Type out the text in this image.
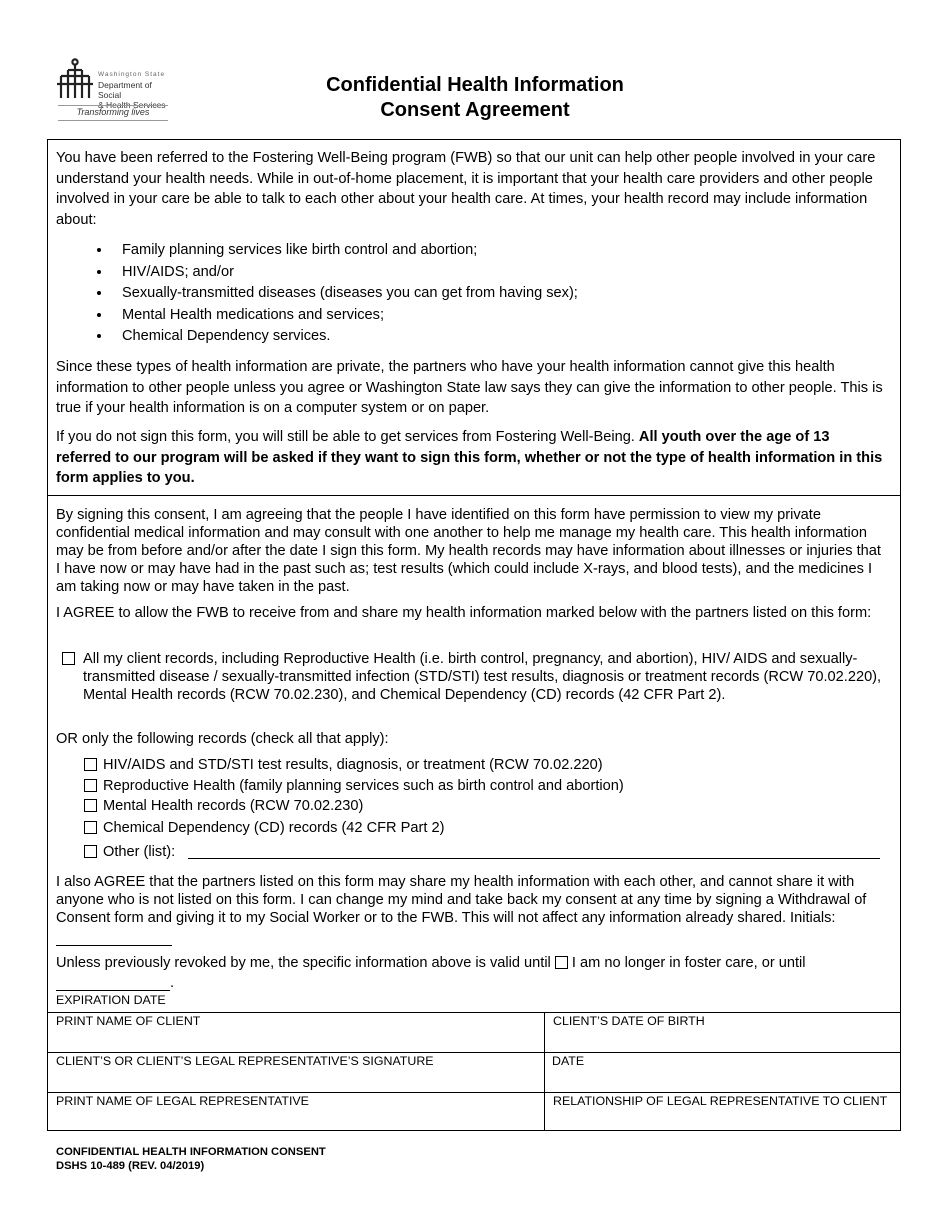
Washington State
Department of Social
& Health Services
Transforming lives
Confidential Health Information
Consent Agreement
You have been referred to the Fostering Well-Being program (FWB) so that our unit can help other people involved in your care understand your health needs. While in out-of-home placement, it is important that your health care providers and other people involved in your care be able to talk to each other about your health care. At times, your health record may include information about:
• Family planning services like birth control and abortion;
• HIV/AIDS; and/or
• Sexually-transmitted diseases (diseases you can get from having sex);
• Mental Health medications and services;
• Chemical Dependency services.
Since these types of health information are private, the partners who have your health information cannot give this health information to other people unless you agree or Washington State law says they can give the information to other people. This is true if your health information is on a computer system or on paper.
If you do not sign this form, you will still be able to get services from Fostering Well-Being. All youth over the age of 13 referred to our program will be asked if they want to sign this form, whether or not the type of health information in this form applies to you.
By signing this consent, I am agreeing that the people I have identified on this form have permission to view my private confidential medical information and may consult with one another to help me manage my health care. This health information may be from before and/or after the date I sign this form. My health records may have information about illnesses or injuries that I have now or may have had in the past such as; test results (which could include X-rays, and blood tests), and the medicines I am taking now or may have taken in the past.
I AGREE to allow the FWB to receive from and share my health information marked below with the partners listed on this form:
All my client records, including Reproductive Health (i.e. birth control, pregnancy, and abortion), HIV/ AIDS and sexually-transmitted disease / sexually-transmitted infection (STD/STI) test results, diagnosis or treatment records (RCW 70.02.220), Mental Health records (RCW 70.02.230), and Chemical Dependency (CD) records (42 CFR Part 2).
OR only the following records (check all that apply):
HIV/AIDS and STD/STI test results, diagnosis, or treatment (RCW 70.02.220)
Reproductive Health (family planning services such as birth control and abortion)
Mental Health records (RCW 70.02.230)
Chemical Dependency (CD) records (42 CFR Part 2)
Other (list):
I also AGREE that the partners listed on this form may share my health information with each other, and cannot share it with anyone who is not listed on this form. I can change my mind and take back my consent at any time by signing a Withdrawal of Consent form and giving it to my Social Worker or to the FWB. This will not affect any information already shared. Initials:
Unless previously revoked by me, the specific information above is valid until  I am no longer in foster care, or until
.
EXPIRATION DATE
PRINT NAME OF CLIENT	CLIENT’S DATE OF BIRTH
CLIENT’S OR CLIENT’S LEGAL REPRESENTATIVE’S SIGNATURE	DATE
PRINT NAME OF LEGAL REPRESENTATIVE	RELATIONSHIP OF LEGAL REPRESENTATIVE TO CLIENT
CONFIDENTIAL HEALTH INFORMATION CONSENT
DSHS 10-489 (REV. 04/2019)
